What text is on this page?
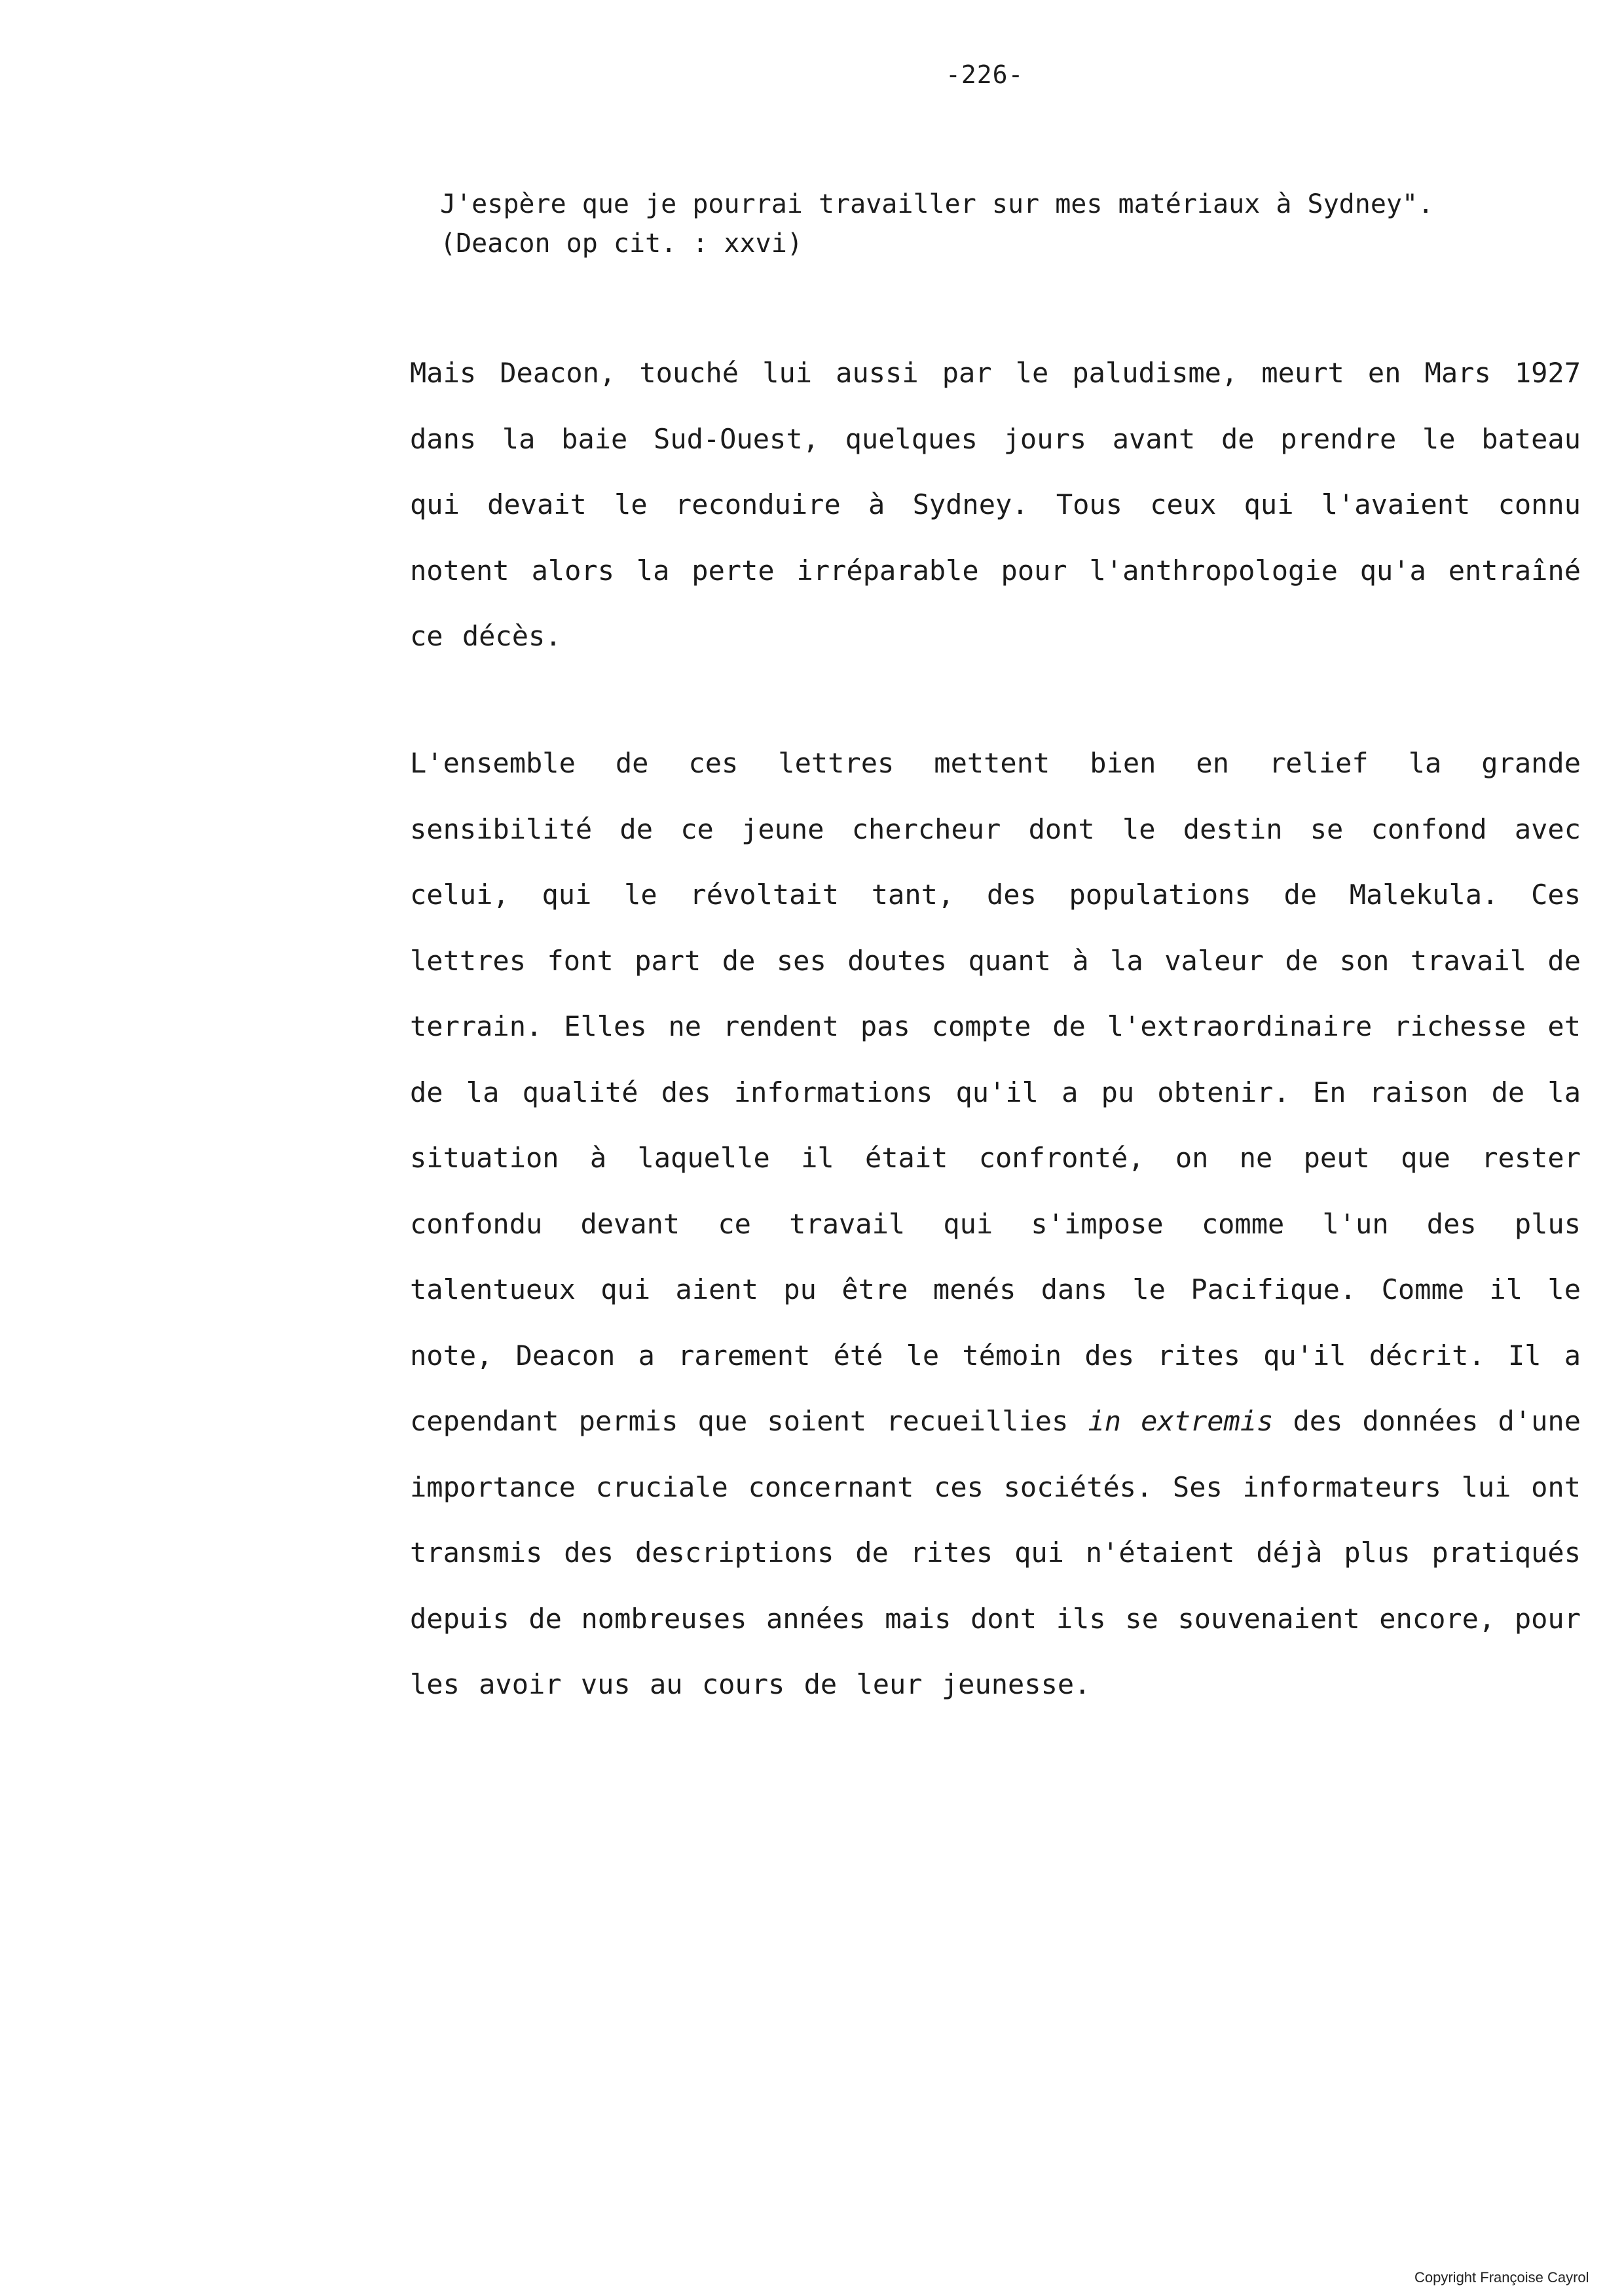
-226-

J'espère que je pourrai travailler sur mes matériaux à Sydney".

(Deacon op cit. : xxvi)

Mais Deacon, touché lui aussi par le paludisme, meurt en Mars 1927 dans la baie Sud-Ouest, quelques jours avant de prendre le bateau qui devait le reconduire à Sydney. Tous ceux qui l'avaient connu notent alors la perte irréparable pour l'anthropologie qu'a entraîné ce décès.

L'ensemble de ces lettres mettent bien en relief la grande sensibilité de ce jeune chercheur dont le destin se confond avec celui, qui le révoltait tant, des populations de Malekula. Ces lettres font part de ses doutes quant à la valeur de son travail de terrain. Elles ne rendent pas compte de l'extraordinaire richesse et de la qualité des informations qu'il a pu obtenir. En raison de la situation à laquelle il était confronté, on ne peut que rester confondu devant ce travail qui s'impose comme l'un des plus talentueux qui aient pu être menés dans le Pacifique. Comme il le note, Deacon a rarement été le témoin des rites qu'il décrit. Il a cependant permis que soient recueillies in extremis des données d'une importance cruciale concernant ces sociétés. Ses informateurs lui ont transmis des descriptions de rites qui n'étaient déjà plus pratiqués depuis de nombreuses années mais dont ils se souvenaient encore, pour les avoir vus au cours de leur jeunesse.

Copyright Françoise Cayrol
